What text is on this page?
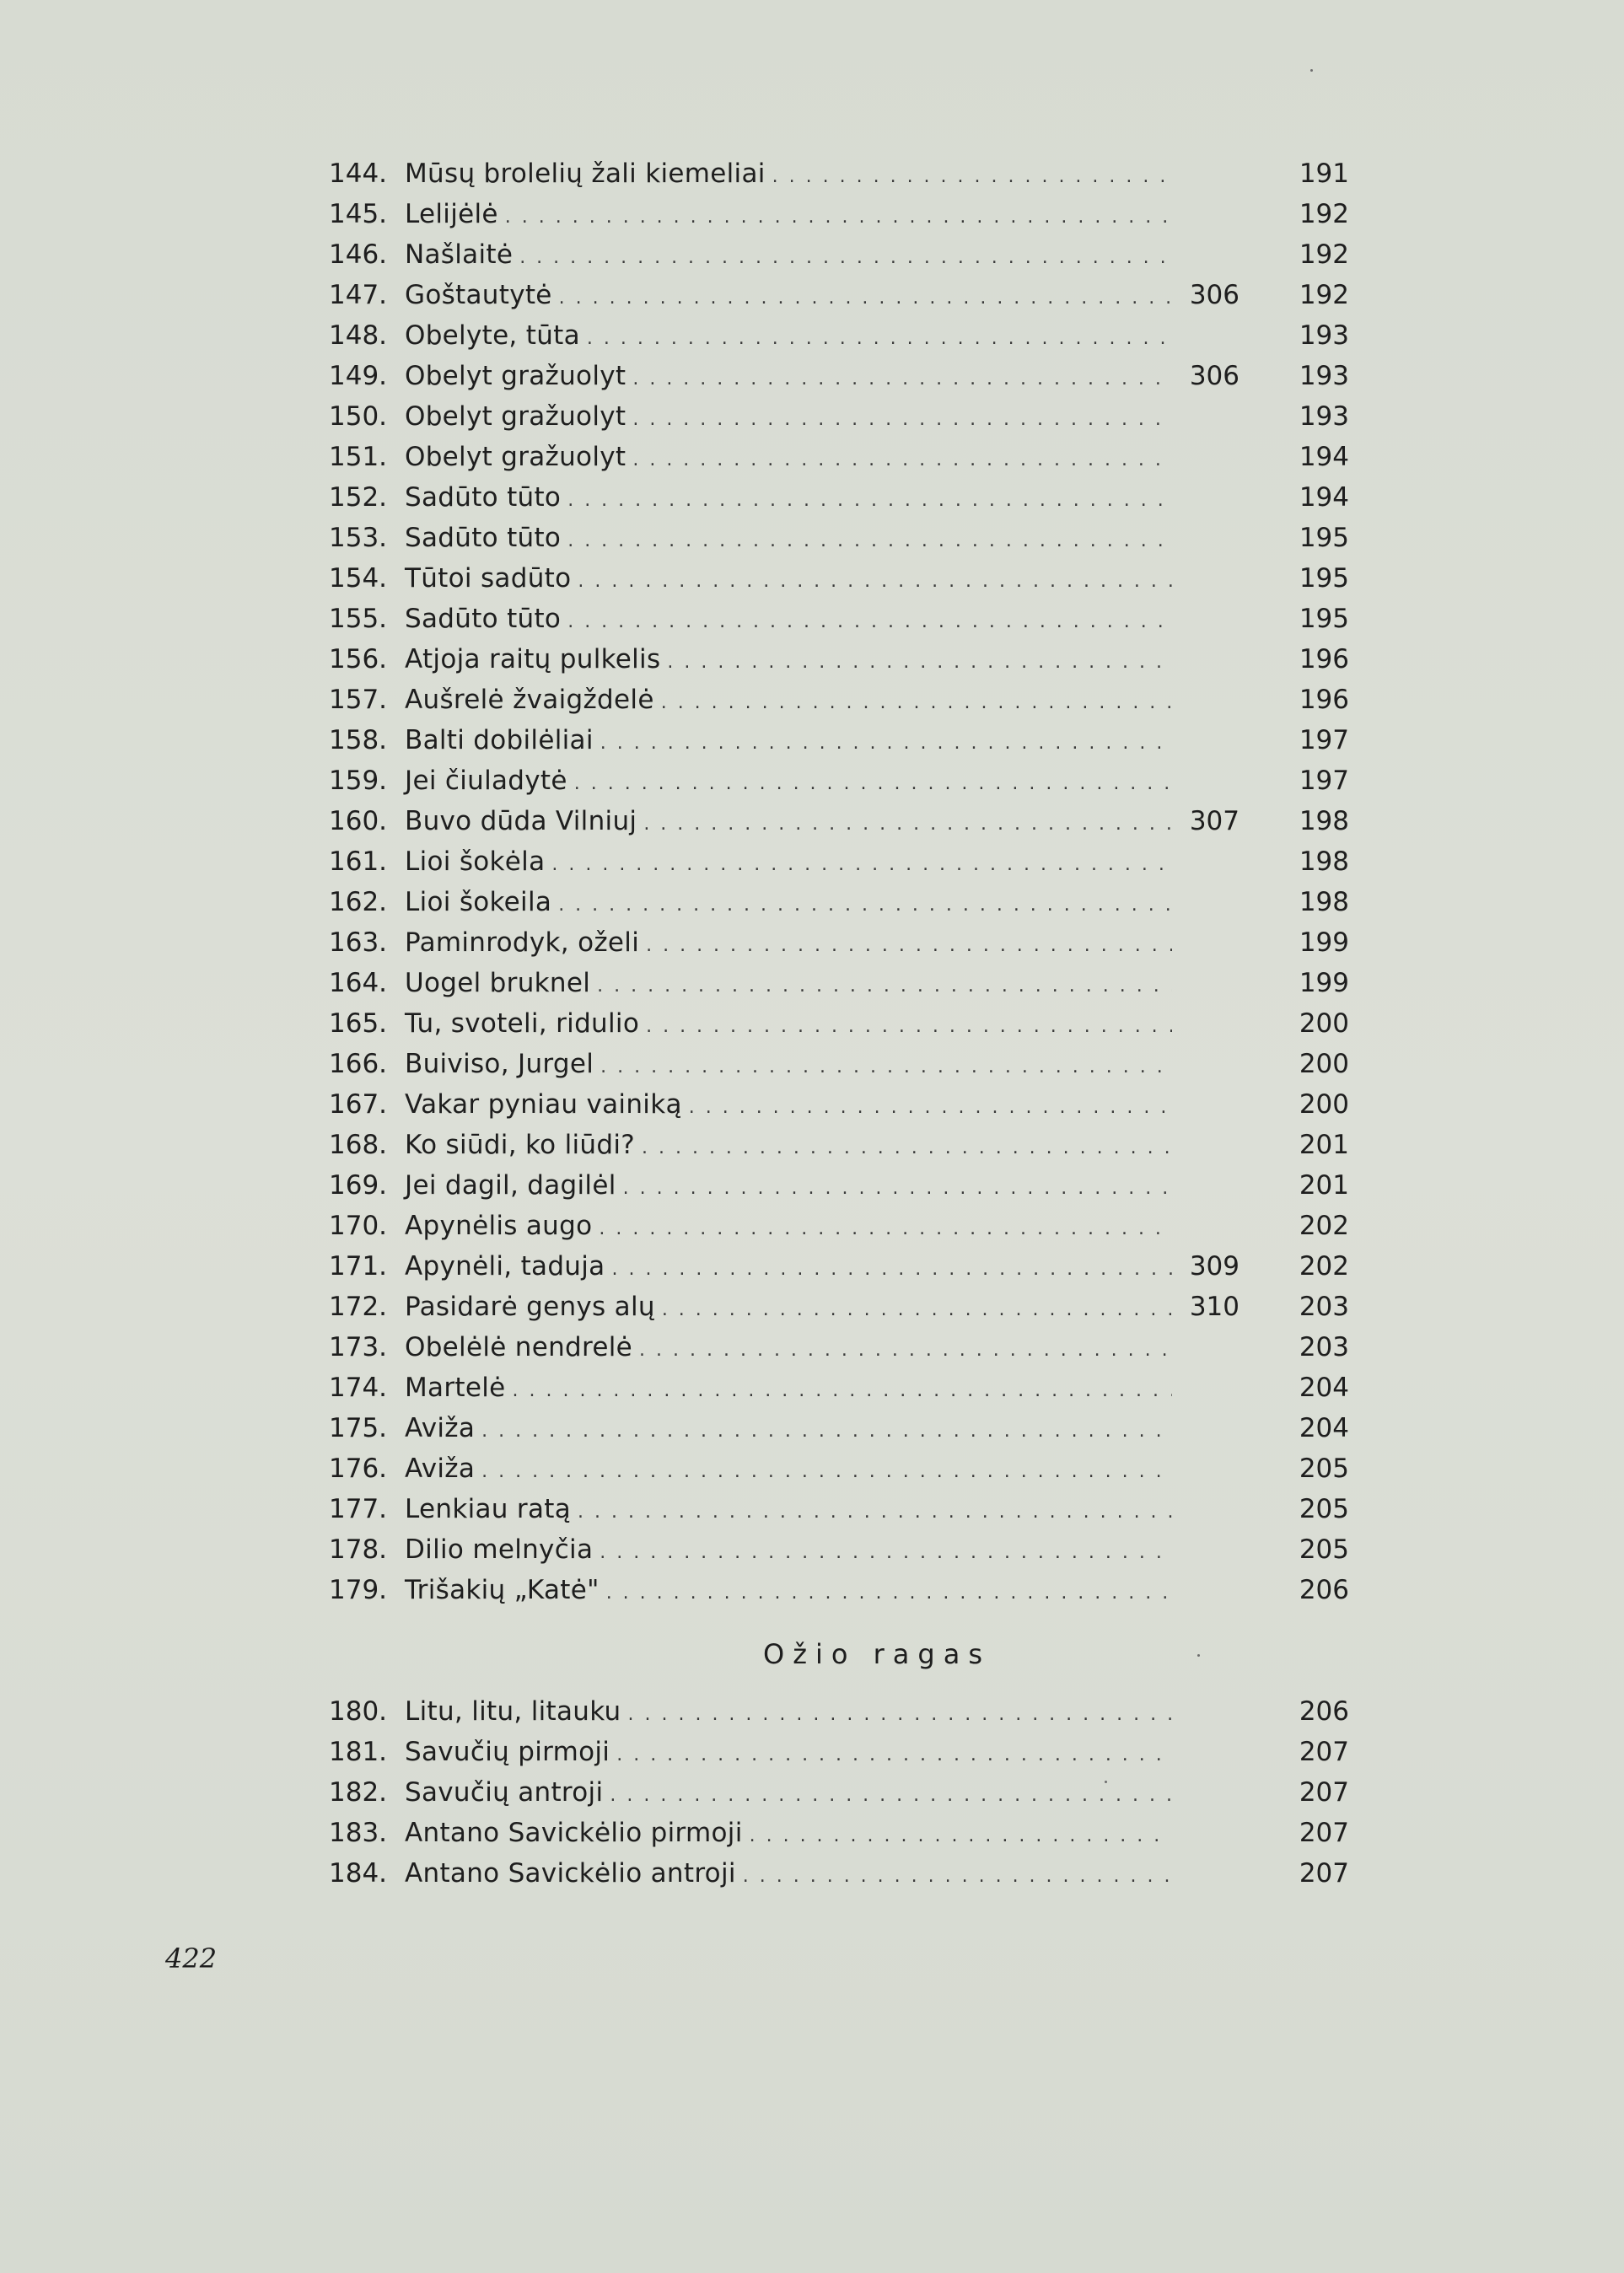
144. Mūsų brolelių žali kiemeliai . . .	191
145. Lelijėlė . . .	192
146. Našlaitė . . .	192
147. Goštautytė . . .	306	192
148. Obelyte, tūta . . .	193
149. Obelyt gražuolyt . . .	306	193
150. Obelyt gražuolyt . . .	193
151. Obelyt gražuolyt . . .	194
152. Sadūto tūto . . .	194
153. Sadūto tūto . . .	195
154. Tūtoi sadūto . . .	195
155. Sadūto tūto . . .	195
156. Atjoja raitų pulkelis . . .	196
157. Aušrelė žvaigždelė . . .	196
158. Balti dobilėliai . . .	197
159. Jei čiuladytė . . .	197
160. Buvo dūda Vilniuj . . .	307	198
161. Lioi šokėla . . .	198
162. Lioi šokeila . . .	198
163. Paminrodyk, oželi . . .	199
164. Uogel bruknel . . .	199
165. Tu, svoteli, ridulio . . .	200
166. Buiviso, Jurgel . . .	200
167. Vakar pyniau vainiką . . .	200
168. Ko siūdi, ko liūdi? . . .	201
169. Jei dagil, dagilėl . . .	201
170. Apynėlis augo . . .	202
171. Apynėli, taduja . . .	309	202
172. Pasidarė genys alų . . .	310	203
173. Obelėlė nendrelė . . .	203
174. Martelė . . .	204
175. Aviža . . .	204
176. Aviža . . .	205
177. Lenkiau ratą . . .	205
178. Dilio melnyčia . . .	205
179. Trišakių „Katė" . . .	206
Ožio ragas
180. Litu, litu, litauku . . .	206
181. Savučių pirmoji . . .	207
182. Savučių antroji . . .	207
183. Antano Savickėlio pirmoji . . .	207
184. Antano Savickėlio antroji . . .	207
422
